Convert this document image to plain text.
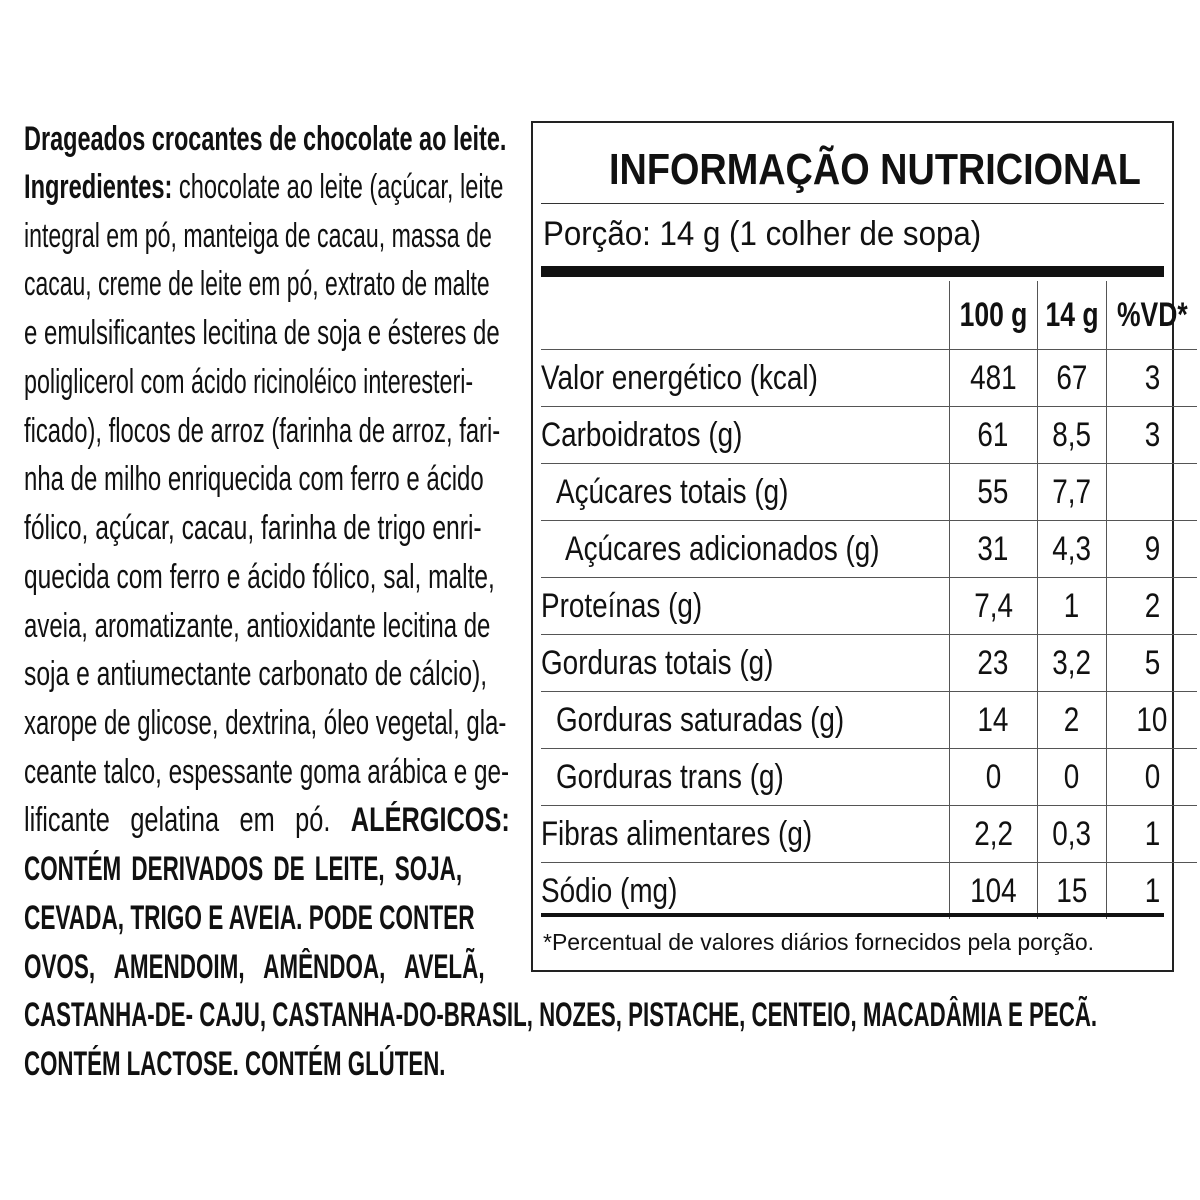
Drageados crocantes de chocolate ao leite.
Ingredientes: chocolate ao leite (açúcar, leite
integral em pó, manteiga de cacau, massa de
cacau, creme de leite em pó, extrato de malte
e emulsificantes lecitina de soja e ésteres de
poliglicerol com ácido ricinoléico interesteri-
ficado), flocos de arroz (farinha de arroz, fari-
nha de milho enriquecida com ferro e ácido
fólico, açúcar, cacau, farinha de trigo enri-
quecida com ferro e ácido fólico, sal, malte,
aveia, aromatizante, antioxidante lecitina de
soja e antiumectante carbonato de cálcio),
xarope de glicose, dextrina, óleo vegetal, gla-
ceante talco, espessante goma arábica e ge-
lificante gelatina em pó. ALÉRGICOS:
CONTÉM DERIVADOS DE LEITE, SOJA,
CEVADA, TRIGO E AVEIA. PODE CONTER
OVOS, AMENDOIM, AMÊNDOA, AVELÃ,
CASTANHA-DE- CAJU, CASTANHA-DO-BRASIL, NOZES, PISTACHE, CENTEIO, MACADÂMIA E PECÃ.
CONTÉM LACTOSE. CONTÉM GLÚTEN.
INFORMAÇÃO NUTRICIONAL
Porção: 14 g (1 colher de sopa)
	100 g	14 g	%VD*
Valor energético (kcal)	481	67	3
Carboidratos (g)	61	8,5	3
Açúcares totais (g)	55	7,7	
Açúcares adicionados (g)	31	4,3	9
Proteínas (g)	7,4	1	2
Gorduras totais (g)	23	3,2	5
Gorduras saturadas (g)	14	2	10
Gorduras trans (g)	0	0	0
Fibras alimentares (g)	2,2	0,3	1
Sódio (mg)	104	15	1
*Percentual de valores diários fornecidos pela porção.
